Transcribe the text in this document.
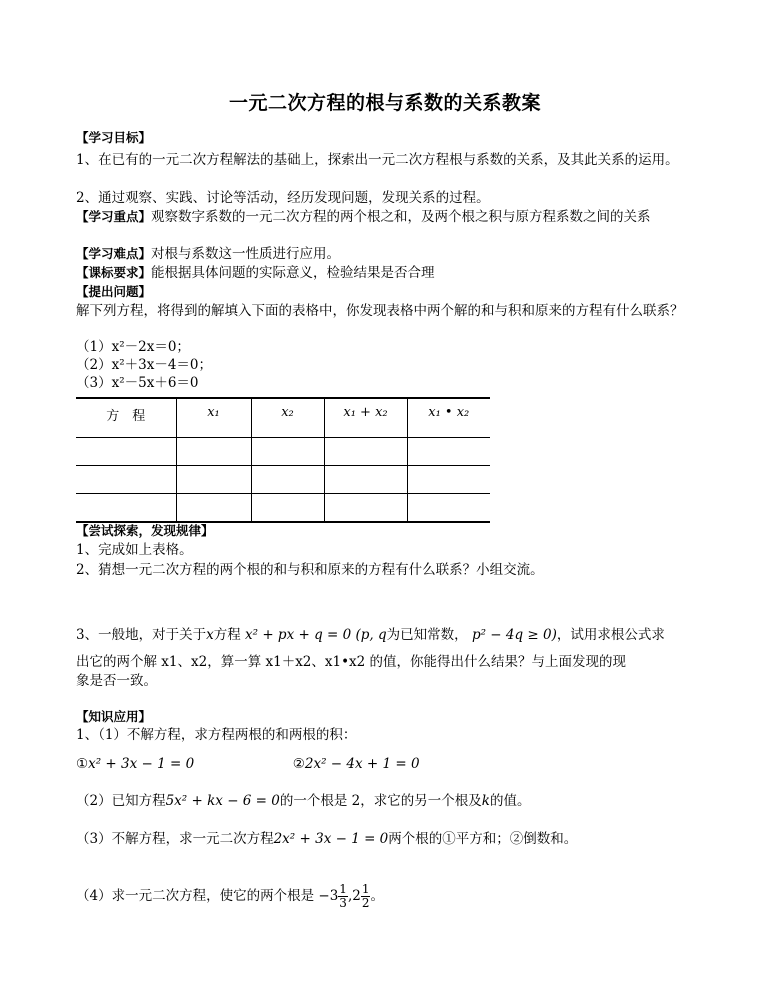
一元二次方程的根与系数的关系教案
【学习目标】
1、在已有的一元二次方程解法的基础上，探索出一元二次方程根与系数的关系，及其此关系的运用。
2、通过观察、实践、讨论等活动，经历发现问题，发现关系的过程。
【学习重点】观察数字系数的一元二次方程的两个根之和，及两个根之积与原方程系数之间的关系
【学习难点】对根与系数这一性质进行应用。
【课标要求】能根据具体问题的实际意义，检验结果是否合理
【提出问题】
解下列方程，将得到的解填入下面的表格中，你发现表格中两个解的和与积和原来的方程有什么联系？
（1）x²－2x＝0；
（2）x²＋3x－4＝0；
（3）x²－5x＋6＝0
方　程	x₁	x₂	x₁ + x₂	x₁ • x₂

【尝试探索，发现规律】
1、完成如上表格。
2、猜想一元二次方程的两个根的和与积和原来的方程有什么联系？小组交流。
3、一般地，对于关于x方程 x² + px + q = 0 (p, q为已知常数， p² − 4q ≥ 0)，试用求根公式求
出它的两个解 x1、x2，算一算 x1＋x2、x1•x2 的值，你能得出什么结果？与上面发现的现
象是否一致。
【知识应用】
1、（1）不解方程，求方程两根的和两根的积：
①x² + 3x − 1 = 0	②2x² − 4x + 1 = 0
（2）已知方程5x² + kx − 6 = 0的一个根是 2，求它的另一个根及k的值。
（3）不解方程，求一元二次方程2x² + 3x − 1 = 0两个根的①平方和；②倒数和。
（4）求一元二次方程，使它的两个根是 $-3 \frac{1}{3} ,2 \frac{1}{2}$ 。
